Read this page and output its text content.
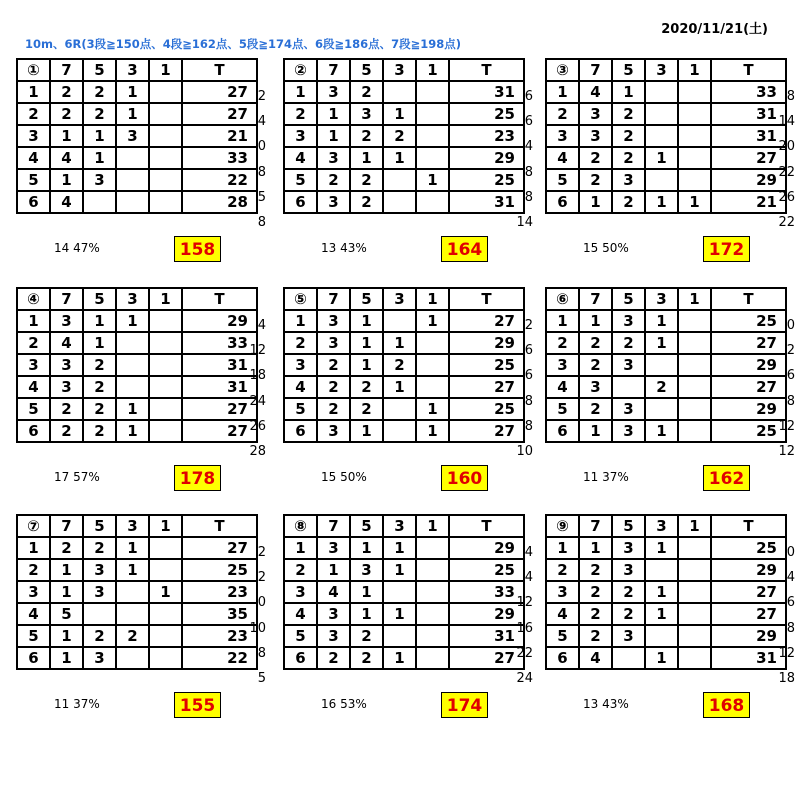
2020/11/21(土)
10m、6R(3段≧150点、4段≧162点、5段≧174点、6段≧186点、7段≧198点)
①	7	5	3	1	T
1	2	2	1		27
2	2	2	1		27
3	1	1	3		21
4	4	1			33
5	1	3			22
6	4				28
2
4
0
8
5
8
14 47%	158
②	7	5	3	1	T
1	3	2			31
2	1	3	1		25
3	1	2	2		23
4	3	1	1		29
5	2	2		1	25
6	3	2			31
6
6
4
8
8
14
13 43%	164
③	7	5	3	1	T
1	4	1			33
2	3	2			31
3	3	2			31
4	2	2	1		27
5	2	3			29
6	1	2	1	1	21
8
14
20
22
26
22
15 50%	172
④	7	5	3	1	T
1	3	1	1		29
2	4	1			33
3	3	2			31
4	3	2			31
5	2	2	1		27
6	2	2	1		27
4
12
18
24
26
28
17 57%	178
⑤	7	5	3	1	T
1	3	1		1	27
2	3	1	1		29
3	2	1	2		25
4	2	2	1		27
5	2	2		1	25
6	3	1		1	27
2
6
6
8
8
10
15 50%	160
⑥	7	5	3	1	T
1	1	3	1		25
2	2	2	1		27
3	2	3			29
4	3		2		27
5	2	3			29
6	1	3	1		25
0
2
6
8
12
12
11 37%	162
⑦	7	5	3	1	T
1	2	2	1		27
2	1	3	1		25
3	1	3		1	23
4	5				35
5	1	2	2		23
6	1	3			22
2
2
0
10
8
5
11 37%	155
⑧	7	5	3	1	T
1	3	1	1		29
2	1	3	1		25
3	4	1			33
4	3	1	1		29
5	3	2			31
6	2	2	1		27
4
4
12
16
22
24
16 53%	174
⑨	7	5	3	1	T
1	1	3	1		25
2	2	3			29
3	2	2	1		27
4	2	2	1		27
5	2	3			29
6	4		1		31
0
4
6
8
12
18
13 43%	168
